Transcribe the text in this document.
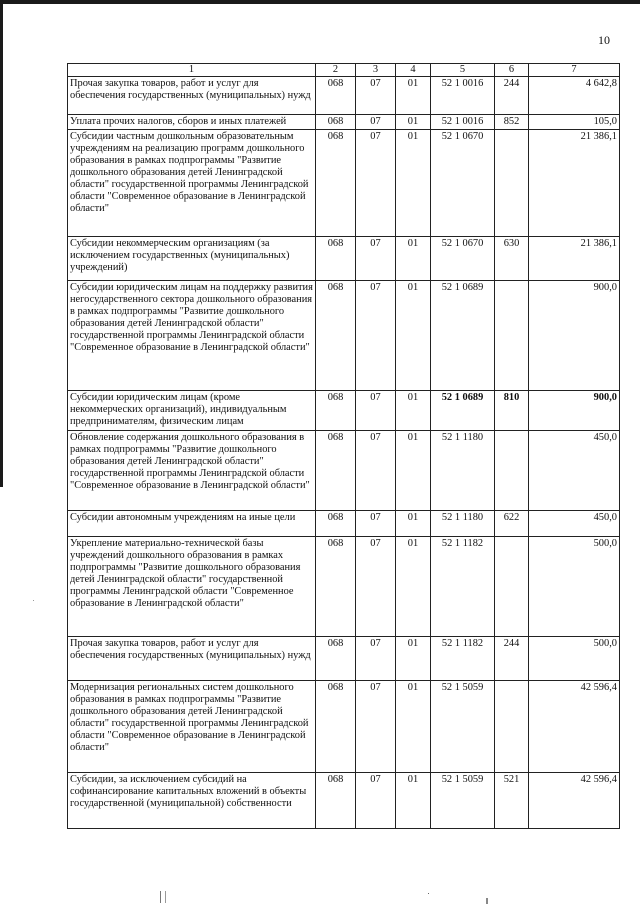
10
1	2	3	4	5	6	7
Прочая закупка товаров, работ и услуг для обеспечения государственных (муниципальных) нужд	068	07	01	52 1 0016	244	4 642,8
Уплата прочих налогов, сборов и иных платежей	068	07	01	52 1 0016	852	105,0
Субсидии частным дошкольным образовательным учреждениям на реализацию программ дошкольного образования в рамках подпрограммы "Развитие дошкольного образования детей Ленинградской области" государственной программы Ленинградской области "Современное образование в Ленинградской области"	068	07	01	52 1 0670		21 386,1
Субсидии некоммерческим организациям (за исключением государственных (муниципальных) учреждений)	068	07	01	52 1 0670	630	21 386,1
Субсидии юридическим лицам на поддержку развития негосударственного сектора дошкольного образования в рамках подпрограммы "Развитие дошкольного образования детей Ленинградской области" государственной программы Ленинградской области "Современное образование в Ленинградской области"	068	07	01	52 1 0689		900,0
Субсидии юридическим лицам (кроме некоммерческих организаций), индивидуальным предпринимателям, физическим лицам	068	07	01	52 1 0689	810	900,0
Обновление содержания дошкольного образования в рамках подпрограммы "Развитие дошкольного образования детей Ленинградской области" государственной программы Ленинградской области "Современное образование в Ленинградской области"	068	07	01	52 1 1180		450,0
Субсидии автономным учреждениям на иные цели	068	07	01	52 1 1180	622	450,0
Укрепление материально-технической базы учреждений дошкольного образования в рамках подпрограммы "Развитие дошкольного образования детей Ленинградской области" государственной программы Ленинградской области "Современное образование в Ленинградской области"	068	07	01	52 1 1182		500,0
Прочая закупка товаров, работ и услуг для обеспечения государственных (муниципальных) нужд	068	07	01	52 1 1182	244	500,0
Модернизация региональных систем дошкольного образования в рамках подпрограммы "Развитие дошкольного образования детей Ленинградской области" государственной программы Ленинградской области "Современное образование в Ленинградской области"	068	07	01	52 1 5059		42 596,4
Субсидии, за исключением субсидий на софинансирование капитальных вложений в объекты государственной (муниципальной) собственности	068	07	01	52 1 5059	521	42 596,4
